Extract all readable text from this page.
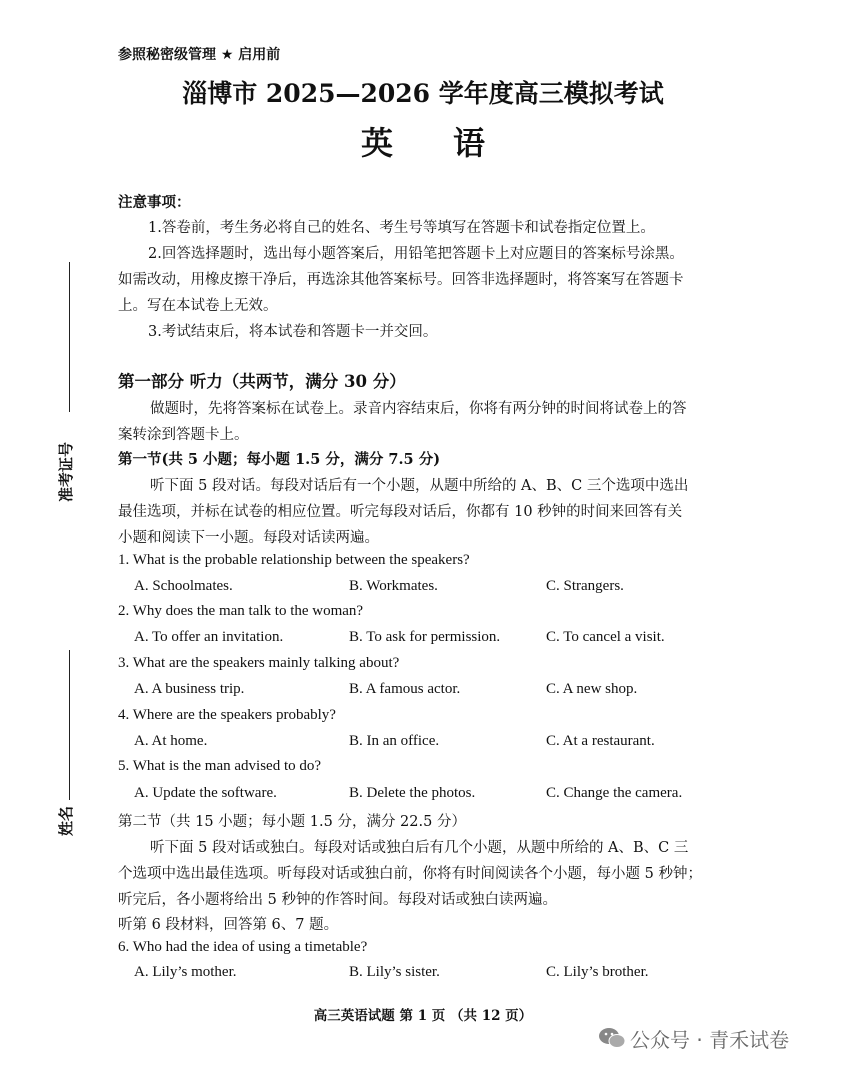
参照秘密级管理 ★ 启用前
淄博市 2025—2026 学年度高三模拟考试
英语
准考证号
姓名
注意事项：
1.答卷前，考生务必将自己的姓名、考生号等填写在答题卡和试卷指定位置上。
2.回答选择题时，选出每小题答案后，用铅笔把答题卡上对应题目的答案标号涂黑。
如需改动，用橡皮擦干净后，再选涂其他答案标号。回答非选择题时，将答案写在答题卡
上。写在本试卷上无效。
3.考试结束后，将本试卷和答题卡一并交回。
第一部分 听力（共两节，满分 30 分）
做题时，先将答案标在试卷上。录音内容结束后，你将有两分钟的时间将试卷上的答
案转涂到答题卡上。
第一节(共 5 小题；每小题 1.5 分，满分 7.5 分)
听下面 5 段对话。每段对话后有一个小题，从题中所给的 A、B、C 三个选项中选出
最佳选项，并标在试卷的相应位置。听完每段对话后，你都有 10 秒钟的时间来回答有关
小题和阅读下一小题。每段对话读两遍。
1. What is the probable relationship between the speakers?
A. Schoolmates.	B. Workmates.	C. Strangers.
2. Why does the man talk to the woman?
A. To offer an invitation.	B. To ask for permission.	C. To cancel a visit.
3. What are the speakers mainly talking about?
A. A business trip.	B. A famous actor.	C. A new shop.
4. Where are the speakers probably?
A. At home.	B. In an office.	C. At a restaurant.
5. What is the man advised to do?
A. Update the software.	B. Delete the photos.	C. Change the camera.
第二节（共 15 小题；每小题 1.5 分，满分 22.5 分）
听下面 5 段对话或独白。每段对话或独白后有几个小题，从题中所给的 A、B、C 三
个选项中选出最佳选项。听每段对话或独白前，你将有时间阅读各个小题，每小题 5 秒钟；
听完后，各小题将给出 5 秒钟的作答时间。每段对话或独白读两遍。
听第 6 段材料，回答第 6、7 题。
6. Who had the idea of using a timetable?
A. Lily’s mother.	B. Lily’s sister.	C. Lily’s brother.
高三英语试题 第 1 页 （共 12 页）
公众号 · 青禾试卷
